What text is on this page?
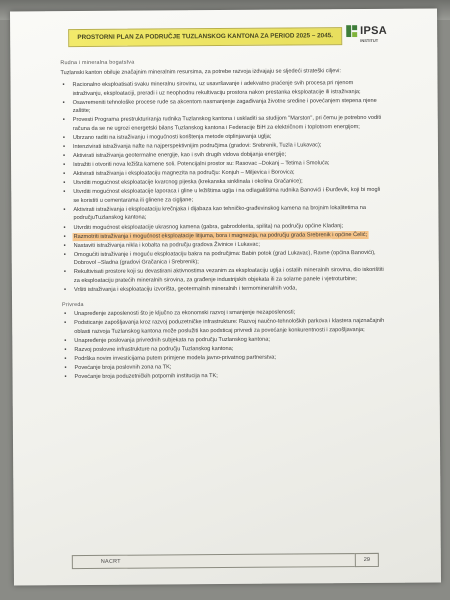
PROSTORNI PLAN ZA PODRUČJE TUZLANSKOG KANTONA ZA PERIOD 2025 – 2045.	IPSA
INSTITUT
Rudna i mineralna bogatstva
Tuzlanski kanton obiluje značajnim mineralnim resursima, za potrebe razvoja izdvajaju se sljedeći strateški ciljevi:
• Racionalno eksploatisati svaku mineralnu sirovinu, uz usavršavanje i adekvatno praćenje svih procesa pri njenom istraživanju, eksploataciji, preradi i uz neophodnu rekultivaciju prostora nakon prestanka eksploatacije ili istraživanja;
• Osavremeniti tehnološke procese rude sa akcentom nasmanjenje zagađivanja životne sredine i povećanjem stepena njene zaštite;
• Provesti Programa prestrukturiranja rudnika Tuzlanskog kantona i uskladiti sa studijom "Marston", pri čemu je potrebno voditi računa da se ne ugrozi energetski bilans Tuzlanskog kantona i Federacije BiH za električnom i toplotnom energijom;
• Ubrzano raditi na istraživanju i mogućnosti korištenja metode otplinjavanja uglja;
• Intenzivirati istraživanja nafte na najperspektivnijim područjima (gradovi: Srebrenik, Tuzla i Lukavac);
• Aktivirati istraživanja geotermalne energije, kao i svih drugih vidova dobijanja energije;
• Istražiti i otvoriti nova ležišta kamene soli. Potencijalni prostor su: Rasovac –Dokanj – Tetima i Smoluća;
• Aktivirati istraživanja i eksploataciju magnezita na području: Konjuh – Miljevica i Borovica;
• Utvrditi mogućnost eksploatacije kvarcnog pijeska (krekanska sinklinala i okolina Gračanice);
• Utvrditi mogućnost eksploatacije laporaca i gline u ležištima uglja i na odlagalištima rudnika Banovići i Đurđevik, koji bi mogli se koristiti u cementarama ili glinene za cigljane;
• Aktivirati istraživanja i eksploataciju krečnjaka i dijabaza kao tehničko-građevinskog kamena na brojnim lokalitetima na područjuTuzlanskog kantona;
• Utvrditi mogućnost eksploatacije ukrasnog kamena (gabra, gabrodolerita, spilita) na području općine Kladanj;
• Razmotriti istraživanja i mogućnost eksploatacije litijuma, bora i magnezija, na području grada Srebrenik i općine Čelić;
• Nastaviti istraživanja nikla i kobalta na području gradova Živinice i Lukavac;
• Omogućiti istraživanje i moguću eksploataciju bakra na područjima: Babin potok (grad Lukavac), Ravne (općina Banovići), Dobrovol –Sladna (gradovi Gračanica i Srebrenik);
• Rekultivisati prostore koji su devastirani aktivnostima vezanim za eksploataciju uglja i ostalih mineralnih sirovina, dio iskorištiti za eksploataciju pratećih mineralnih sirovina, za građenje industrijskih objekata ili za solarne panele i vjetroturbine;
• Vršiti istraživanja i eksploataciju izvorišta, geotermalnih mineralnih i termomineralnih voda,
Privreda
• Unapređenje zaposlenosti što je ključno za ekonomski razvoj i smanjenje nezaposlenosti;
• Podsticanje zapošljavanja kroz razvoj poduzetničke infrastrukture: Razvoj naučno-tehnoloških parkova i klastera najznačajnih oblasti razvoja Tuzlanskog kantona može poslužiti kao podsticaj privredi za povećanje konkurentnosti i zapošljavanja;
• Unapređenje poslovanja privrednih subjekata na području Tuzlanskog kantona;
• Razvoj poslovne infrastrukture na području Tuzlanskog kantona;
• Podrška novim investicijama putem primjene modela javno-privatnog partnerstva;
• Povećanje broja poslovnih zona na TK;
• Povećanje broja poduzetničkih potpornih institucija na TK;
NACRT	29
